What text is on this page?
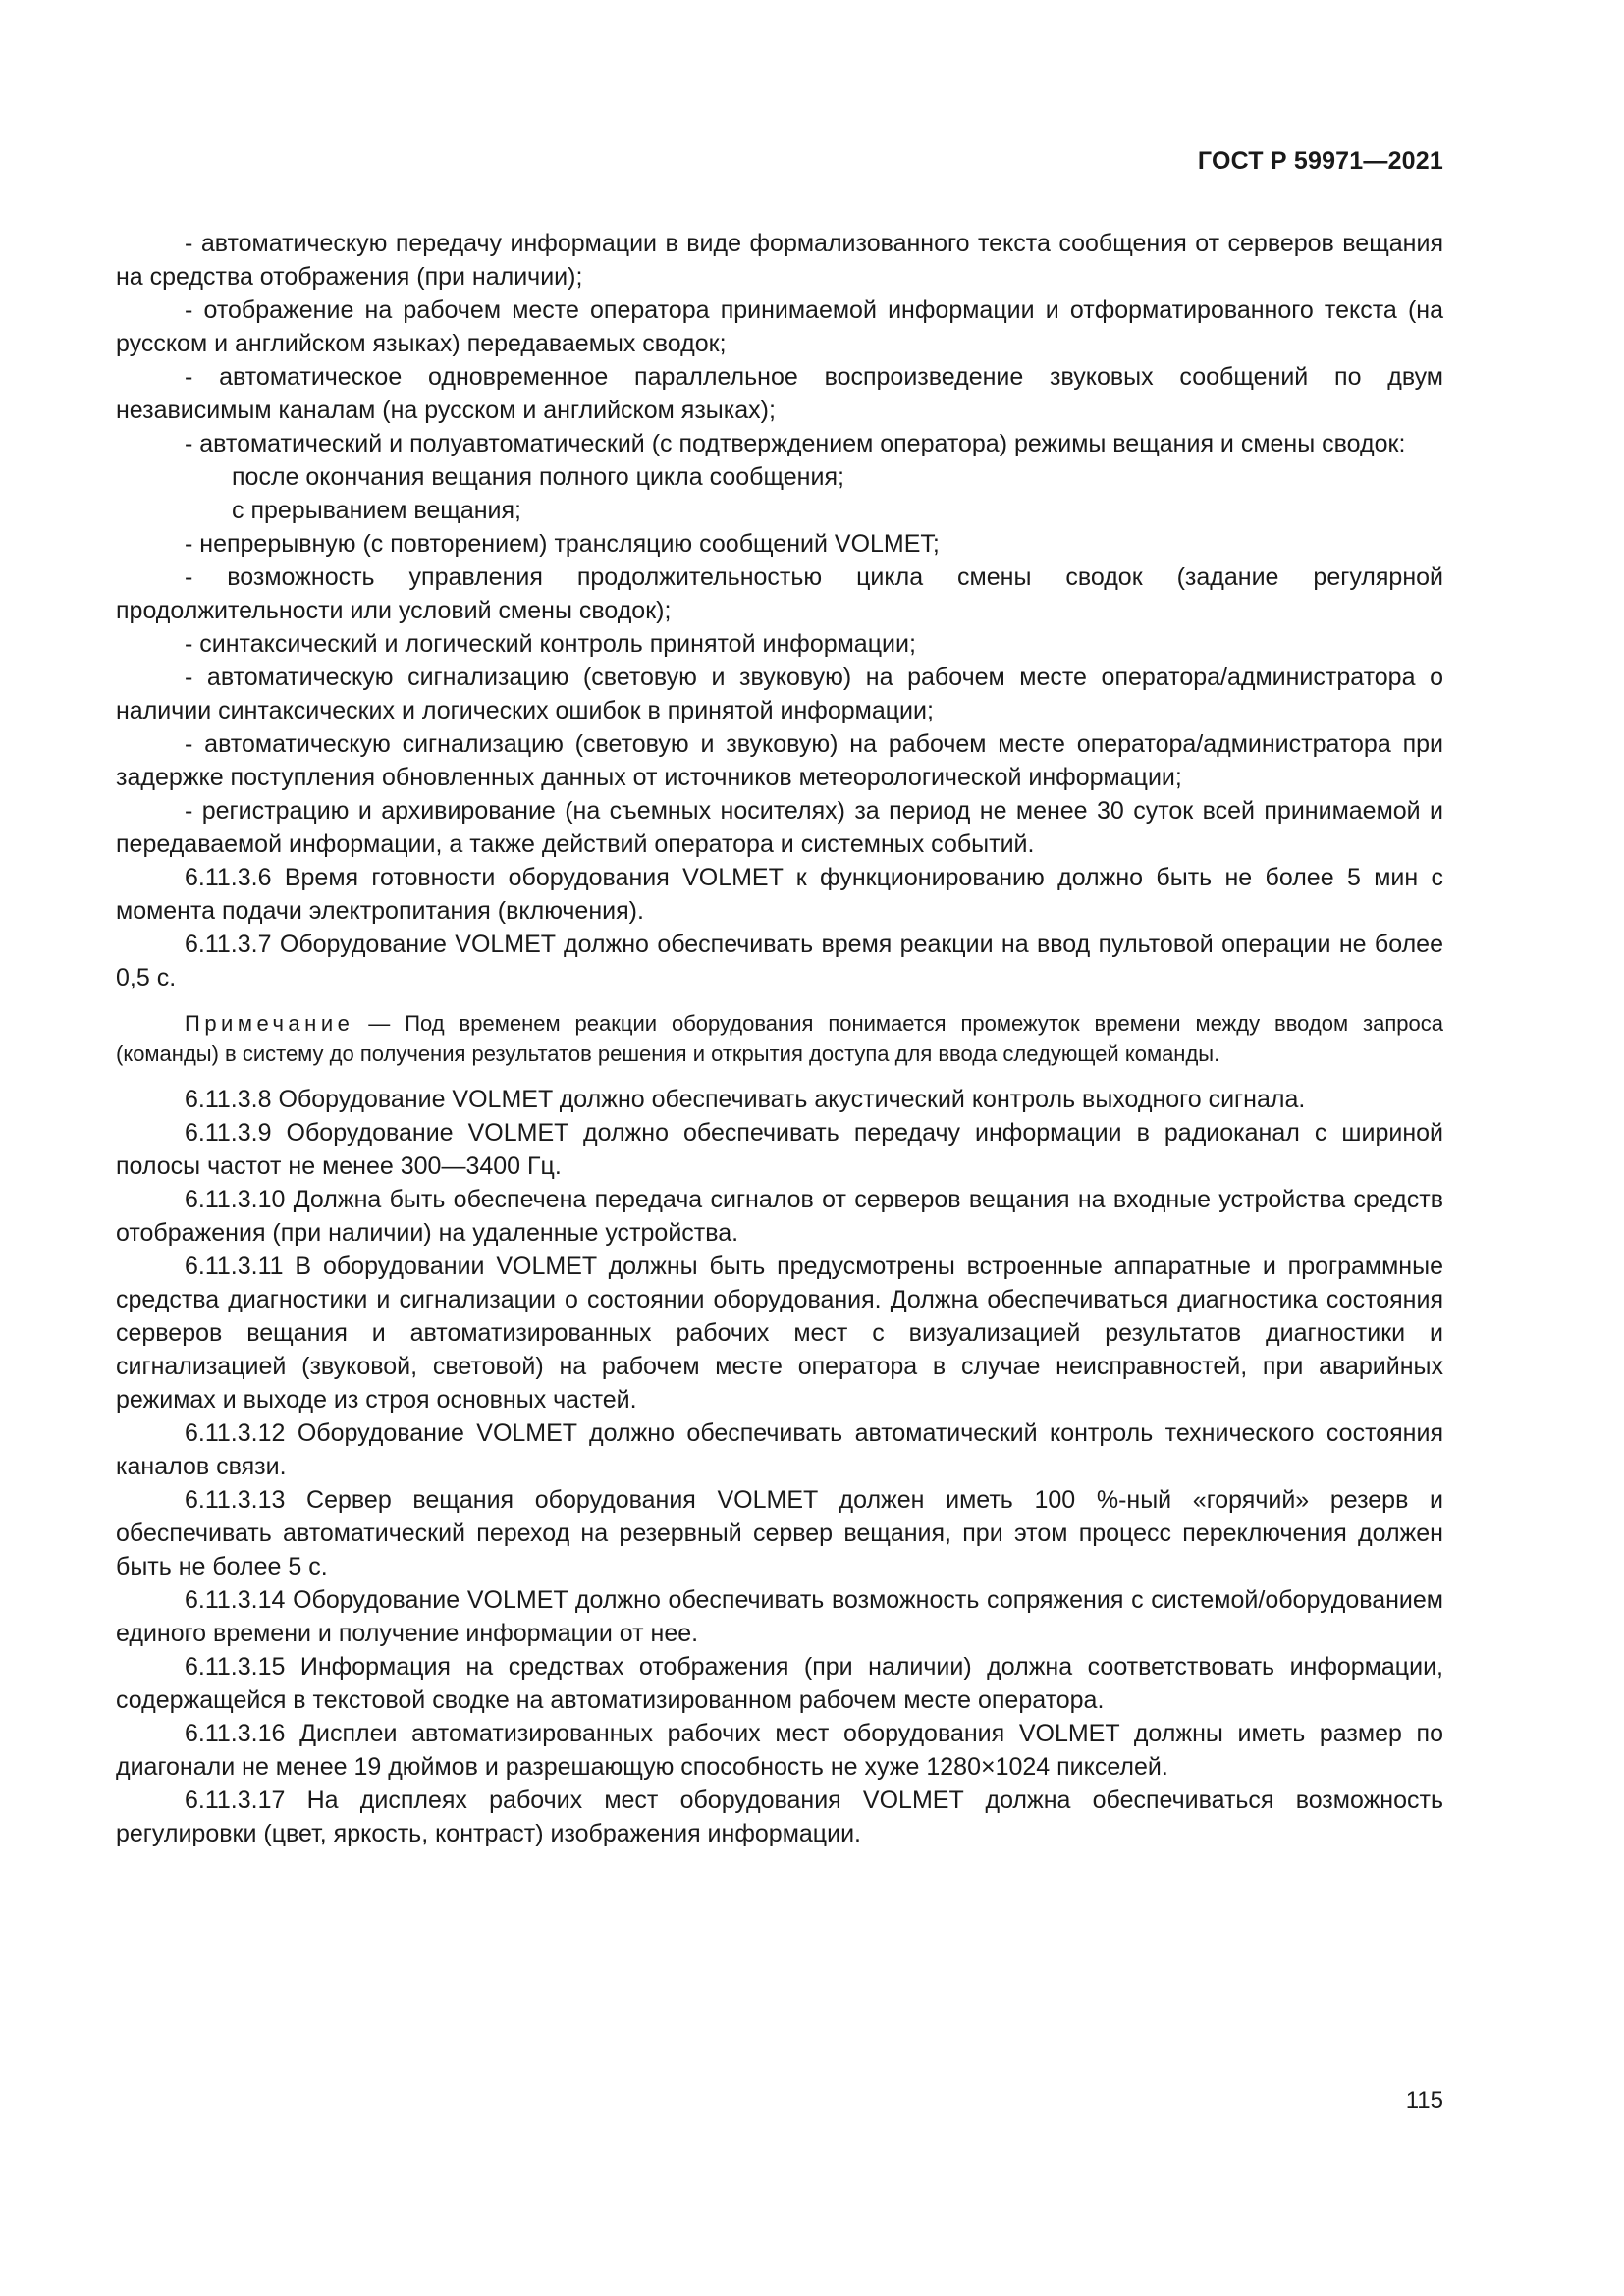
ГОСТ Р 59971—2021

- автоматическую передачу информации в виде формализованного текста сообщения от серверов вещания на средства отображения (при наличии);

- отображение на рабочем месте оператора принимаемой информации и отформатированного текста (на русском и английском языках) передаваемых сводок;

- автоматическое одновременное параллельное воспроизведение звуковых сообщений по двум независимым каналам (на русском и английском языках);

- автоматический и полуавтоматический (с подтверждением оператора) режимы вещания и смены сводок:

после окончания вещания полного цикла сообщения;

с прерыванием вещания;

- непрерывную (с повторением) трансляцию сообщений VOLMET;

- возможность управления продолжительностью цикла смены сводок (задание регулярной продолжительности или условий смены сводок);

- синтаксический и логический контроль принятой информации;

- автоматическую сигнализацию (световую и звуковую) на рабочем месте оператора/администратора о наличии синтаксических и логических ошибок в принятой информации;

- автоматическую сигнализацию (световую и звуковую) на рабочем месте оператора/администратора при задержке поступления обновленных данных от источников метеорологической информации;

- регистрацию и архивирование (на съемных носителях) за период не менее 30 суток всей принимаемой и передаваемой информации, а также действий оператора и системных событий.

6.11.3.6 Время готовности оборудования VOLMET к функционированию должно быть не более 5 мин с момента подачи электропитания (включения).

6.11.3.7 Оборудование VOLMET должно обеспечивать время реакции на ввод пультовой операции не более 0,5 с.

Примечание — Под временем реакции оборудования понимается промежуток времени между вводом запроса (команды) в систему до получения результатов решения и открытия доступа для ввода следующей команды.

6.11.3.8 Оборудование VOLMET должно обеспечивать акустический контроль выходного сигнала.

6.11.3.9 Оборудование VOLMET должно обеспечивать передачу информации в радиоканал с шириной полосы частот не менее 300—3400 Гц.

6.11.3.10 Должна быть обеспечена передача сигналов от серверов вещания на входные устройства средств отображения (при наличии) на удаленные устройства.

6.11.3.11 В оборудовании VOLMET должны быть предусмотрены встроенные аппаратные и программные средства диагностики и сигнализации о состоянии оборудования. Должна обеспечиваться диагностика состояния серверов вещания и автоматизированных рабочих мест с визуализацией результатов диагностики и сигнализацией (звуковой, световой) на рабочем месте оператора в случае неисправностей, при аварийных режимах и выходе из строя основных частей.

6.11.3.12 Оборудование VOLMET должно обеспечивать автоматический контроль технического состояния каналов связи.

6.11.3.13 Сервер вещания оборудования VOLMET должен иметь 100 %-ный «горячий» резерв и обеспечивать автоматический переход на резервный сервер вещания, при этом процесс переключения должен быть не более 5 с.

6.11.3.14 Оборудование VOLMET должно обеспечивать возможность сопряжения с системой/оборудованием единого времени и получение информации от нее.

6.11.3.15 Информация на средствах отображения (при наличии) должна соответствовать информации, содержащейся в текстовой сводке на автоматизированном рабочем месте оператора.

6.11.3.16 Дисплеи автоматизированных рабочих мест оборудования VOLMET должны иметь размер по диагонали не менее 19 дюймов и разрешающую способность не хуже 1280×1024 пикселей.

6.11.3.17 На дисплеях рабочих мест оборудования VOLMET должна обеспечиваться возможность регулировки (цвет, яркость, контраст) изображения информации.

115
